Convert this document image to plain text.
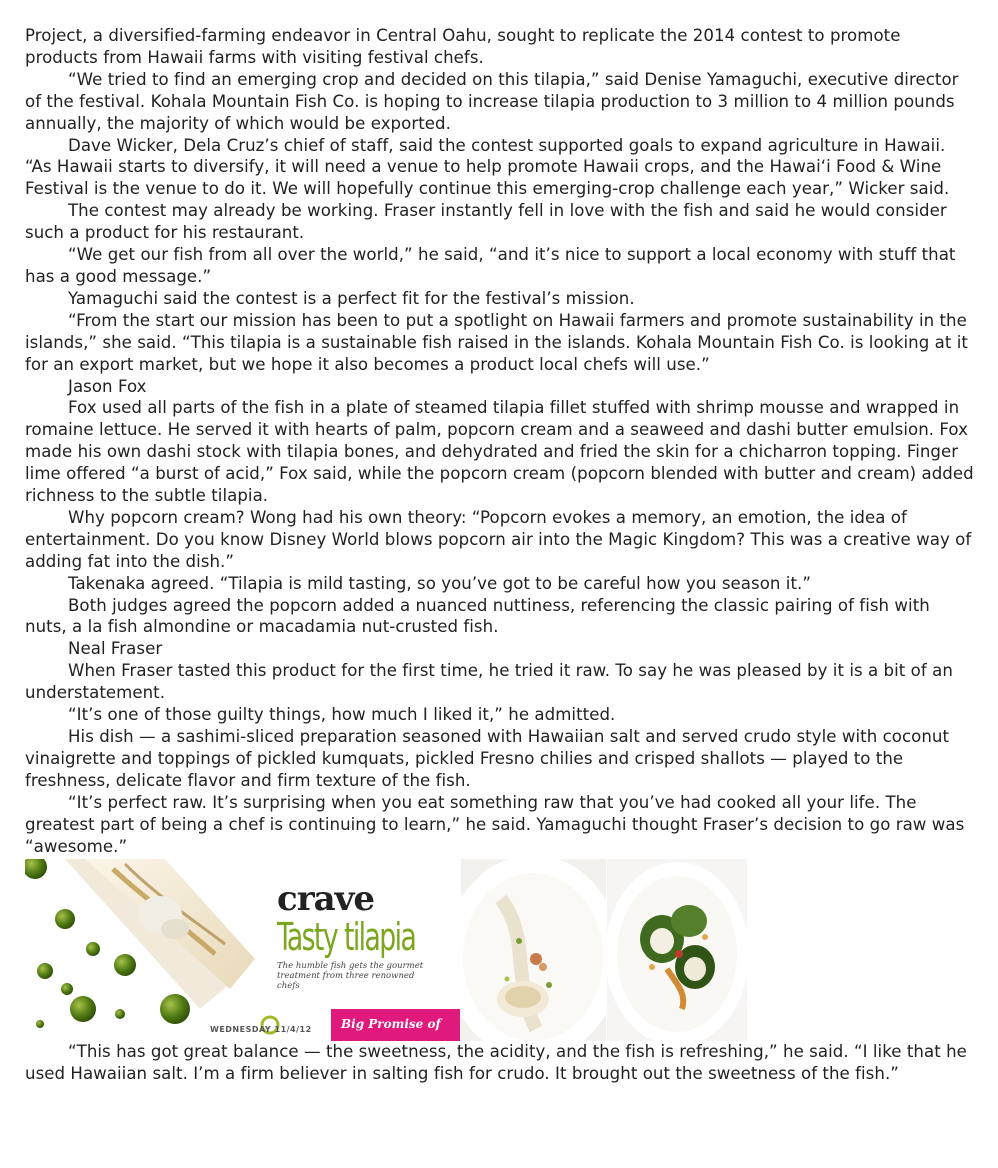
Project, a diversified-farming endeavor in Central Oahu, sought to replicate the 2014 contest to promote products from Hawaii farms with visiting festival chefs.

“We tried to find an emerging crop and decided on this tilapia,” said Denise Yamaguchi, executive director of the festival. Kohala Mountain Fish Co. is hoping to increase tilapia production to 3 million to 4 million pounds annually, the majority of which would be exported.

Dave Wicker, Dela Cruz’s chief of staff, said the contest supported goals to expand agriculture in Hawaii. “As Hawaii starts to diversify, it will need a venue to help promote Hawaii crops, and the Hawai‘i Food & Wine Festival is the venue to do it. We will hopefully continue this emerging-crop challenge each year,” Wicker said.

The contest may already be working. Fraser instantly fell in love with the fish and said he would consider such a product for his restaurant.

“We get our fish from all over the world,” he said, “and it’s nice to support a local economy with stuff that has a good message.”

Yamaguchi said the contest is a perfect fit for the festival’s mission.

“From the start our mission has been to put a spotlight on Hawaii farmers and promote sustainability in the islands,” she said. “This tilapia is a sustainable fish raised in the islands. Kohala Mountain Fish Co. is looking at it for an export market, but we hope it also becomes a product local chefs will use.”

Jason Fox

Fox used all parts of the fish in a plate of steamed tilapia fillet stuffed with shrimp mousse and wrapped in romaine lettuce. He served it with hearts of palm, popcorn cream and a seaweed and dashi butter emulsion. Fox made his own dashi stock with tilapia bones, and dehydrated and fried the skin for a chicharron topping. Finger lime offered “a burst of acid,” Fox said, while the popcorn cream (popcorn blended with butter and cream) added richness to the subtle tilapia.

Why popcorn cream? Wong had his own theory: “Popcorn evokes a memory, an emotion, the idea of entertainment. Do you know Disney World blows popcorn air into the Magic Kingdom? This was a creative way of adding fat into the dish.”

Takenaka agreed. “Tilapia is mild tasting, so you’ve got to be careful how you season it.”

Both judges agreed the popcorn added a nuanced nuttiness, referencing the classic pairing of fish with nuts, a la fish almondine or macadamia nut-crusted fish.

Neal Fraser

When Fraser tasted this product for the first time, he tried it raw. To say he was pleased by it is a bit of an understatement.

“It’s one of those guilty things, how much I liked it,” he admitted.

His dish — a sashimi-sliced preparation seasoned with Hawaiian salt and served crudo style with coconut vinaigrette and toppings of pickled kumquats, pickled Fresno chilies and crisped shallots — played to the freshness, delicate flavor and firm texture of the fish.

“It’s perfect raw. It’s surprising when you eat something raw that you’ve had cooked all your life. The greatest part of being a chef is continuing to learn,” he said. Yamaguchi thought Fraser’s decision to go raw was “awesome.”

crave
Tasty tilapia
The humble fish gets the gourmet treatment from three renowned chefs
WEDNESDAY 11/4/12 Big Promise of

“This has got great balance — the sweetness, the acidity, and the fish is refreshing,” he said. “I like that he used Hawaiian salt. I’m a firm believer in salting fish for crudo. It brought out the sweetness of the fish.”
